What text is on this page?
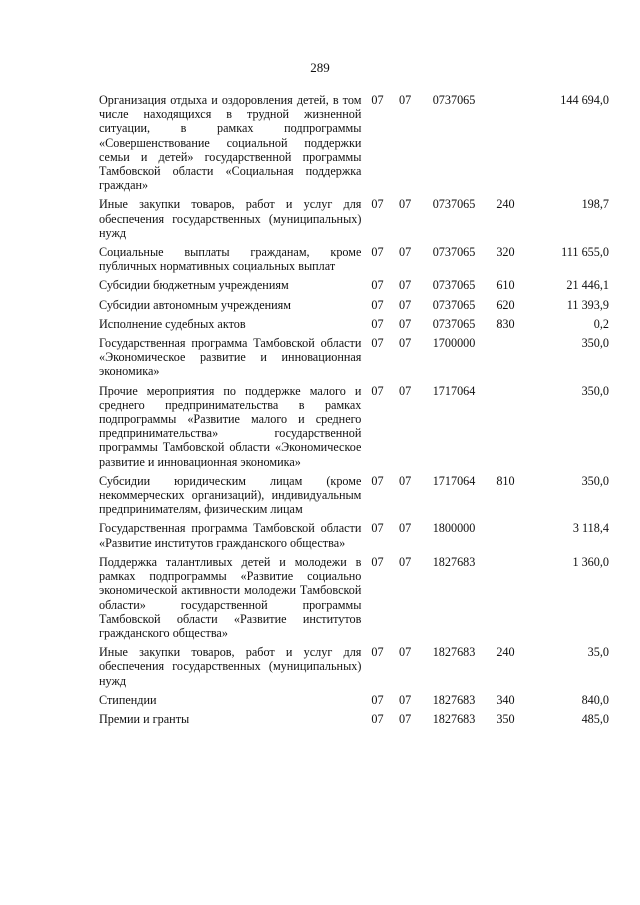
289
Организация отдыха и оздоровления детей, в том числе находящихся в трудной жизненной ситуации, в рамках подпрограммы «Совершенствование социальной поддержки семьи и детей» государственной программы Тамбовской области «Социальная поддержка граждан»	07	07	0737065		144 694,0

Иные закупки товаров, работ и услуг для обеспечения государственных (муниципальных) нужд	07	07	0737065	240	198,7

Социальные выплаты гражданам, кроме публичных нормативных социальных выплат	07	07	0737065	320	111 655,0

Субсидии бюджетным учреждениям	07	07	0737065	610	21 446,1

Субсидии автономным учреждениям	07	07	0737065	620	11 393,9

Исполнение судебных актов	07	07	0737065	830	0,2

Государственная программа Тамбовской области «Экономическое развитие и инновационная экономика»	07	07	1700000		350,0

Прочие мероприятия по поддержке малого и среднего предпринимательства в рамках подпрограммы «Развитие малого и среднего предпринимательства» государственной программы Тамбовской области «Экономическое развитие и инновационная экономика»	07	07	1717064		350,0

Субсидии юридическим лицам (кроме некоммерческих организаций), индивидуальным предпринимателям, физическим лицам	07	07	1717064	810	350,0

Государственная программа Тамбовской области «Развитие институтов гражданского общества»	07	07	1800000		3 118,4

Поддержка талантливых детей и молодежи в рамках подпрограммы «Развитие социально экономической активности молодежи Тамбовской области» государственной программы Тамбовской области «Развитие институтов гражданского общества»	07	07	1827683		1 360,0

Иные закупки товаров, работ и услуг для обеспечения государственных (муниципальных) нужд	07	07	1827683	240	35,0

Стипендии	07	07	1827683	340	840,0

Премии и гранты	07	07	1827683	350	485,0
